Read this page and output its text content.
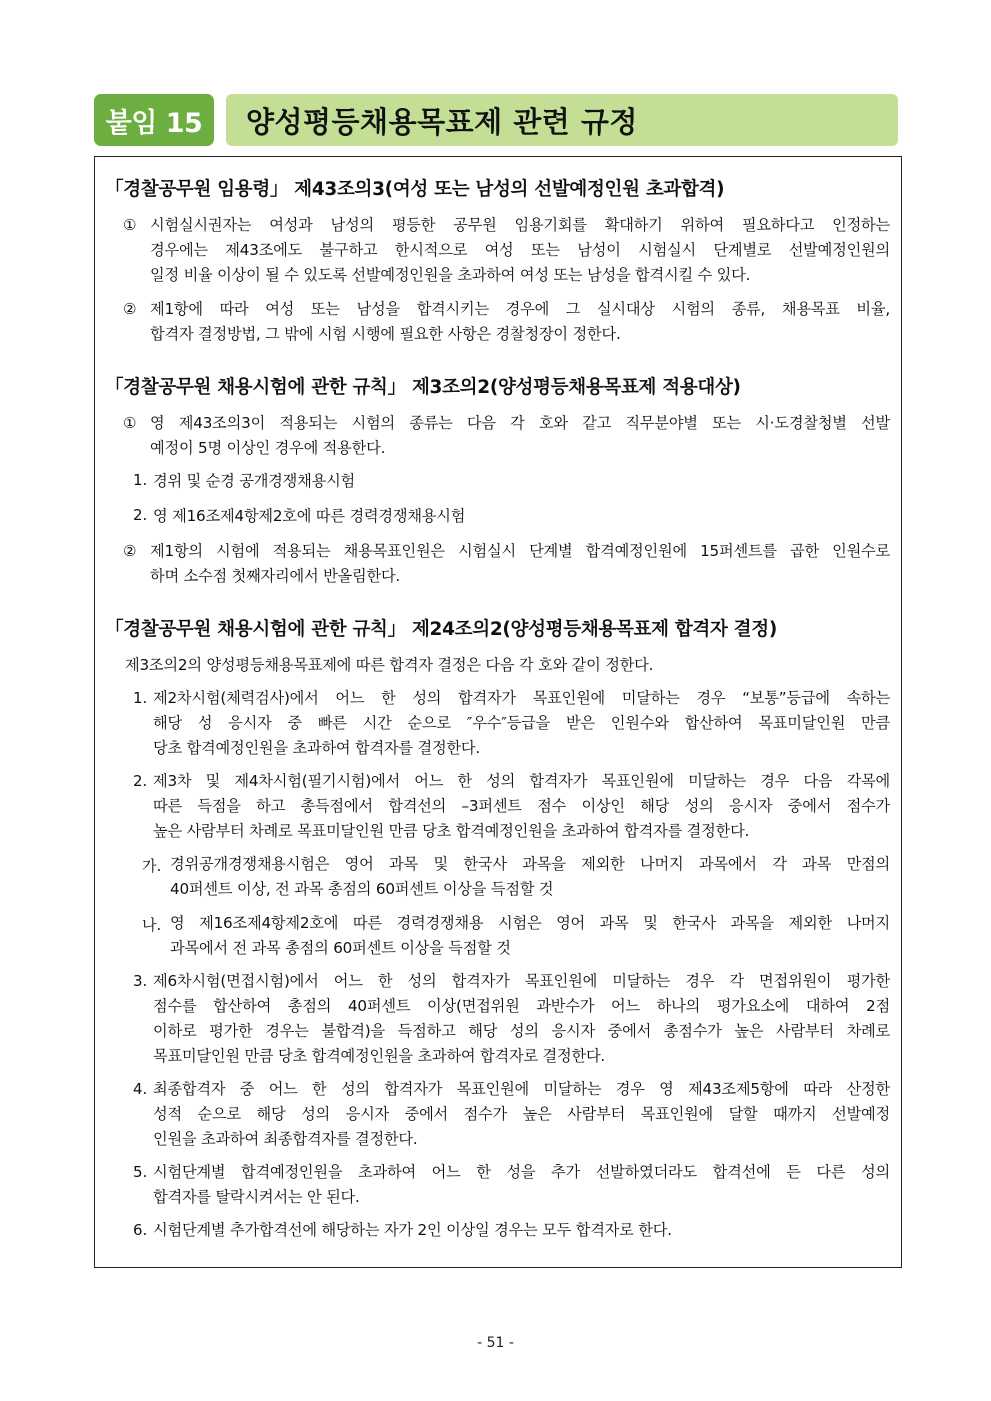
붙임 15	양성평등채용목표제 관련 규정
「경찰공무원 임용령」 제43조의3(여성 또는 남성의 선발예정인원 초과합격)
① 시험실시권자는 여성과 남성의 평등한 공무원 임용기회를 확대하기 위하여 필요하다고 인정하는
경우에는 제43조에도 불구하고 한시적으로 여성 또는 남성이 시험실시 단계별로 선발예정인원의
일정 비율 이상이 될 수 있도록 선발예정인원을 초과하여 여성 또는 남성을 합격시킬 수 있다.
② 제1항에 따라 여성 또는 남성을 합격시키는 경우에 그 실시대상 시험의 종류, 채용목표 비율,
합격자 결정방법, 그 밖에 시험 시행에 필요한 사항은 경찰청장이 정한다.
「경찰공무원 채용시험에 관한 규칙」 제3조의2(양성평등채용목표제 적용대상)
① 영 제43조의3이 적용되는 시험의 종류는 다음 각 호와 같고 직무분야별 또는 시·도경찰청별 선발
예정이 5명 이상인 경우에 적용한다.
1. 경위 및 순경 공개경쟁채용시험
2. 영 제16조제4항제2호에 따른 경력경쟁채용시험
② 제1항의 시험에 적용되는 채용목표인원은 시험실시 단계별 합격예정인원에 15퍼센트를 곱한 인원수로
하며 소수점 첫째자리에서 반올림한다.
「경찰공무원 채용시험에 관한 규칙」 제24조의2(양성평등채용목표제 합격자 결정)
제3조의2의 양성평등채용목표제에 따른 합격자 결정은 다음 각 호와 같이 정한다.
1. 제2차시험(체력검사)에서 어느 한 성의 합격자가 목표인원에 미달하는 경우 “보통”등급에 속하는
해당 성 응시자 중 빠른 시간 순으로 ″우수″등급을 받은 인원수와 합산하여 목표미달인원 만큼
당초 합격예정인원을 초과하여 합격자를 결정한다.
2. 제3차 및 제4차시험(필기시험)에서 어느 한 성의 합격자가 목표인원에 미달하는 경우 다음 각목에
따른 득점을 하고 총득점에서 합격선의 –3퍼센트 점수 이상인 해당 성의 응시자 중에서 점수가
높은 사람부터 차례로 목표미달인원 만큼 당초 합격예정인원을 초과하여 합격자를 결정한다.
가. 경위공개경쟁채용시험은 영어 과목 및 한국사 과목을 제외한 나머지 과목에서 각 과목 만점의
40퍼센트 이상, 전 과목 총점의 60퍼센트 이상을 득점할 것
나. 영 제16조제4항제2호에 따른 경력경쟁채용 시험은 영어 과목 및 한국사 과목을 제외한 나머지
과목에서 전 과목 총점의 60퍼센트 이상을 득점할 것
3. 제6차시험(면접시험)에서 어느 한 성의 합격자가 목표인원에 미달하는 경우 각 면접위원이 평가한
점수를 합산하여 총점의 40퍼센트 이상(면접위원 과반수가 어느 하나의 평가요소에 대하여 2점
이하로 평가한 경우는 불합격)을 득점하고 해당 성의 응시자 중에서 총점수가 높은 사람부터 차례로
목표미달인원 만큼 당초 합격예정인원을 초과하여 합격자로 결정한다.
4. 최종합격자 중 어느 한 성의 합격자가 목표인원에 미달하는 경우 영 제43조제5항에 따라 산정한
성적 순으로 해당 성의 응시자 중에서 점수가 높은 사람부터 목표인원에 달할 때까지 선발예정
인원을 초과하여 최종합격자를 결정한다.
5. 시험단계별 합격예정인원을 초과하여 어느 한 성을 추가 선발하였더라도 합격선에 든 다른 성의
합격자를 탈락시켜서는 안 된다.
6. 시험단계별 추가합격선에 해당하는 자가 2인 이상일 경우는 모두 합격자로 한다.
- 51 -
